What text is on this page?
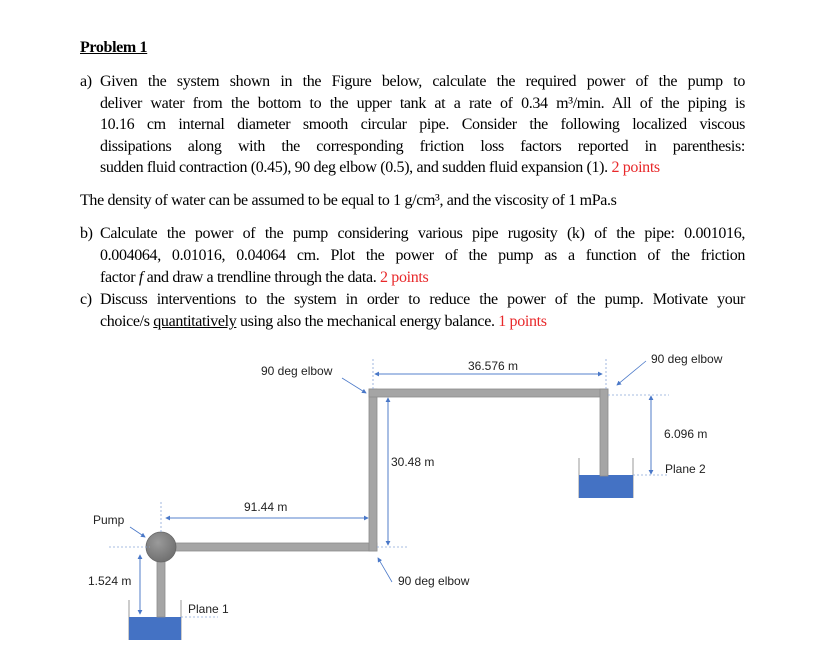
Problem 1
a) Given the system shown in the Figure below, calculate the required power of the pump to
deliver water from the bottom to the upper tank at a rate of 0.34 m³/min. All of the piping is
10.16 cm internal diameter smooth circular pipe. Consider the following localized viscous
dissipations along with the corresponding friction loss factors reported in parenthesis:
sudden fluid contraction (0.45), 90 deg elbow (0.5), and sudden fluid expansion (1). 2 points
The density of water can be assumed to be equal to 1 g/cm³, and the viscosity of 1 mPa.s
b) Calculate the power of the pump considering various pipe rugosity (k) of the pipe: 0.001016,
0.004064, 0.01016, 0.04064 cm. Plot the power of the pump as a function of the friction
factor f and draw a trendline through the data. 2 points
c) Discuss interventions to the system in order to reduce the power of the pump. Motivate your
choice/s quantitatively using also the mechanical energy balance. 1 points
90 deg elbow	36.576 m	90 deg elbow
6.096 m
Plane 2
30.48 m
91.44 m
Pump
90 deg elbow
1.524 m
Plane 1
